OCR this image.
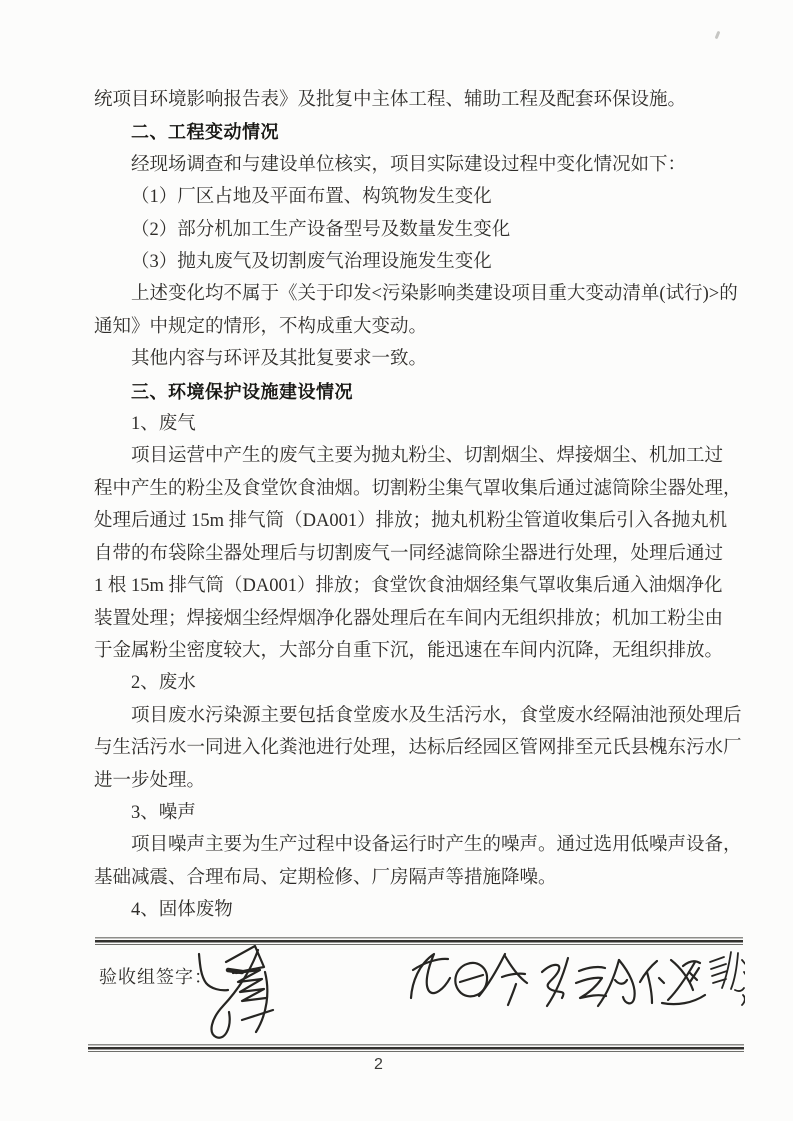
统项目环境影响报告表》及批复中主体工程、辅助工程及配套环保设施。
二、工程变动情况
经现场调查和与建设单位核实，项目实际建设过程中变化情况如下：
（1）厂区占地及平面布置、构筑物发生变化
（2）部分机加工生产设备型号及数量发生变化
（3）抛丸废气及切割废气治理设施发生变化
上述变化均不属于《关于印发<污染影响类建设项目重大变动清单(试行)>的
通知》中规定的情形，不构成重大变动。
其他内容与环评及其批复要求一致。
三、环境保护设施建设情况
1、废气
项目运营中产生的废气主要为抛丸粉尘、切割烟尘、焊接烟尘、机加工过
程中产生的粉尘及食堂饮食油烟。切割粉尘集气罩收集后通过滤筒除尘器处理，
处理后通过 15m 排气筒（DA001）排放；抛丸机粉尘管道收集后引入各抛丸机
自带的布袋除尘器处理后与切割废气一同经滤筒除尘器进行处理，处理后通过
1 根 15m 排气筒（DA001）排放；食堂饮食油烟经集气罩收集后通入油烟净化
装置处理；焊接烟尘经焊烟净化器处理后在车间内无组织排放；机加工粉尘由
于金属粉尘密度较大，大部分自重下沉，能迅速在车间内沉降，无组织排放。
2、废水
项目废水污染源主要包括食堂废水及生活污水，食堂废水经隔油池预处理后
与生活污水一同进入化粪池进行处理，达标后经园区管网排至元氏县槐东污水厂
进一步处理。
3、噪声
项目噪声主要为生产过程中设备运行时产生的噪声。通过选用低噪声设备，
基础减震、合理布局、定期检修、厂房隔声等措施降噪。
4、固体废物
验收组签字：
2
